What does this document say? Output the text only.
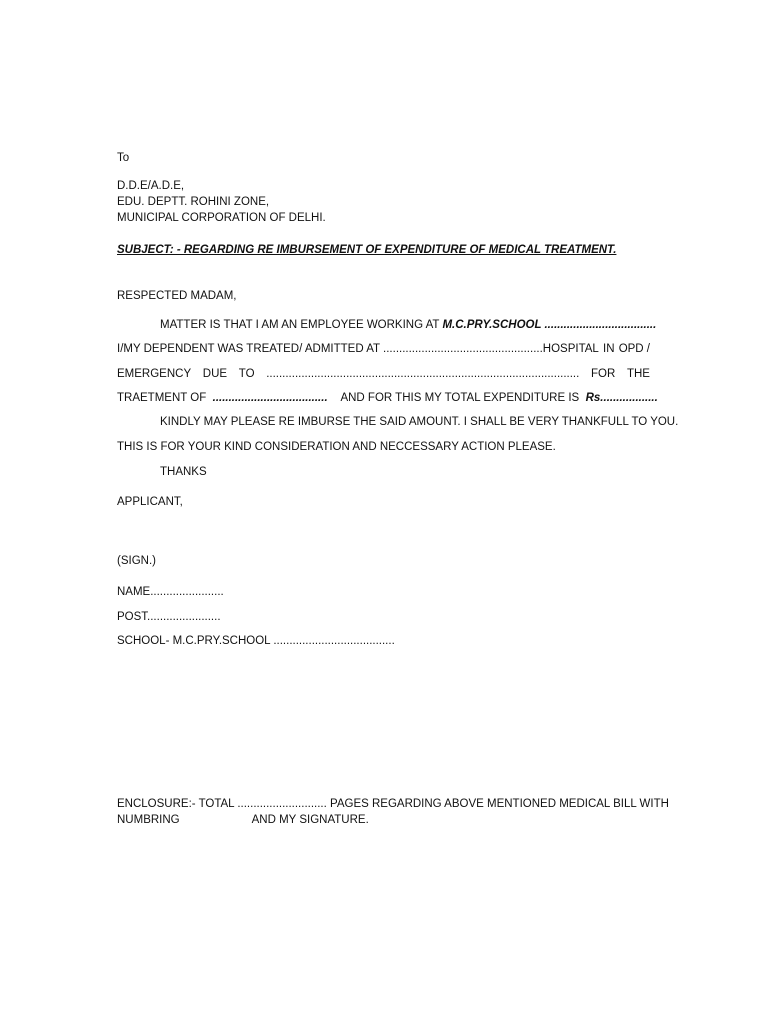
To
D.D.E/A.D.E,
EDU. DEPTT. ROHINI ZONE,
MUNICIPAL CORPORATION OF DELHI.
SUBJECT: - REGARDING RE IMBURSEMENT OF EXPENDITURE OF MEDICAL TREATMENT.
RESPECTED MADAM,
MATTER IS THAT I AM AN EMPLOYEE WORKING AT M.C.PRY.SCHOOL ...................................
I/MY DEPENDENT WAS TREATED/ ADMITTED AT ..................................................HOSPITAL IN OPD /
EMERGENCY DUE TO .................................................................................................. FOR THE
TRAETMENT OF .................................... AND FOR THIS MY TOTAL EXPENDITURE IS Rs..................
KINDLY MAY PLEASE RE IMBURSE THE SAID AMOUNT. I SHALL BE VERY THANKFULL TO YOU.
THIS IS FOR YOUR KIND CONSIDERATION AND NECCESSARY ACTION PLEASE.
THANKS
APPLICANT,
(SIGN.)
NAME.......................
POST.......................
SCHOOL- M.C.PRY.SCHOOL ......................................
ENCLOSURE:- TOTAL ............................ PAGES REGARDING ABOVE MENTIONED MEDICAL BILL WITH
NUMBRING	AND MY SIGNATURE.
